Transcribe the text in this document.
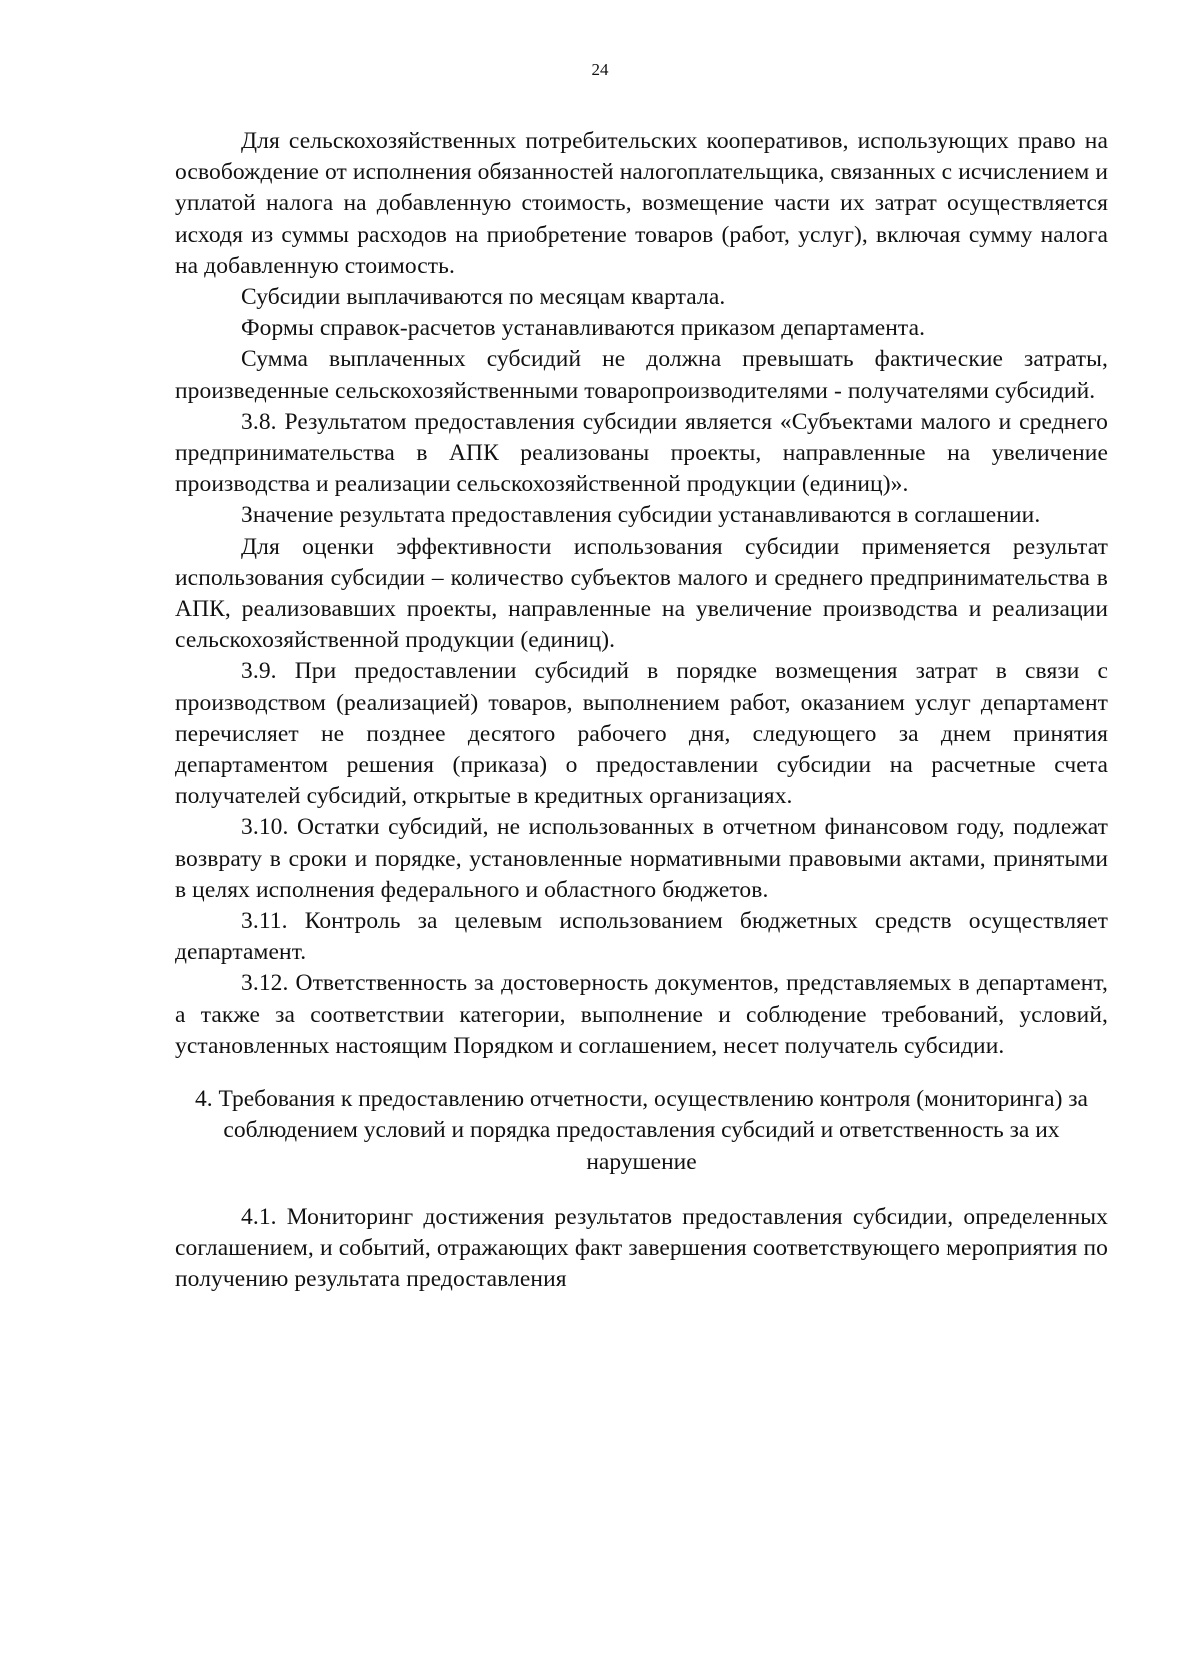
24

Для сельскохозяйственных потребительских кооперативов, использующих право на освобождение от исполнения обязанностей налогоплательщика, связанных с исчислением и уплатой налога на добавленную стоимость, возмещение части их затрат осуществляется исходя из суммы расходов на приобретение товаров (работ, услуг), включая сумму налога на добавленную стоимость.

Субсидии выплачиваются по месяцам квартала.

Формы справок-расчетов устанавливаются приказом департамента.

Сумма выплаченных субсидий не должна превышать фактические затраты, произведенные сельскохозяйственными товаропроизводителями - получателями субсидий.

3.8. Результатом предоставления субсидии является «Субъектами малого и среднего предпринимательства в АПК реализованы проекты, направленные на увеличение производства и реализации сельскохозяйственной продукции (единиц)».

Значение результата предоставления субсидии устанавливаются в соглашении.

Для оценки эффективности использования субсидии применяется результат использования субсидии – количество субъектов малого и среднего предпринимательства в АПК, реализовавших проекты, направленные на увеличение производства и реализации сельскохозяйственной продукции (единиц).

3.9. При предоставлении субсидий в порядке возмещения затрат в связи с производством (реализацией) товаров, выполнением работ, оказанием услуг департамент перечисляет не позднее десятого рабочего дня, следующего за днем принятия департаментом решения (приказа) о предоставлении субсидии на расчетные счета получателей субсидий, открытые в кредитных организациях.

3.10. Остатки субсидий, не использованных в отчетном финансовом году, подлежат возврату в сроки и порядке, установленные нормативными правовыми актами, принятыми в целях исполнения федерального и областного бюджетов.

3.11. Контроль за целевым использованием бюджетных средств осуществляет департамент.

3.12. Ответственность за достоверность документов, представляемых в департамент, а также за соответствии категории, выполнение и соблюдение требований, условий, установленных настоящим Порядком и соглашением, несет получатель субсидии.

4. Требования к предоставлению отчетности, осуществлению контроля (мониторинга) за соблюдением условий и порядка предоставления субсидий и ответственность за их нарушение

4.1. Мониторинг достижения результатов предоставления субсидии, определенных соглашением, и событий, отражающих факт завершения соответствующего мероприятия по получению результата предоставления
